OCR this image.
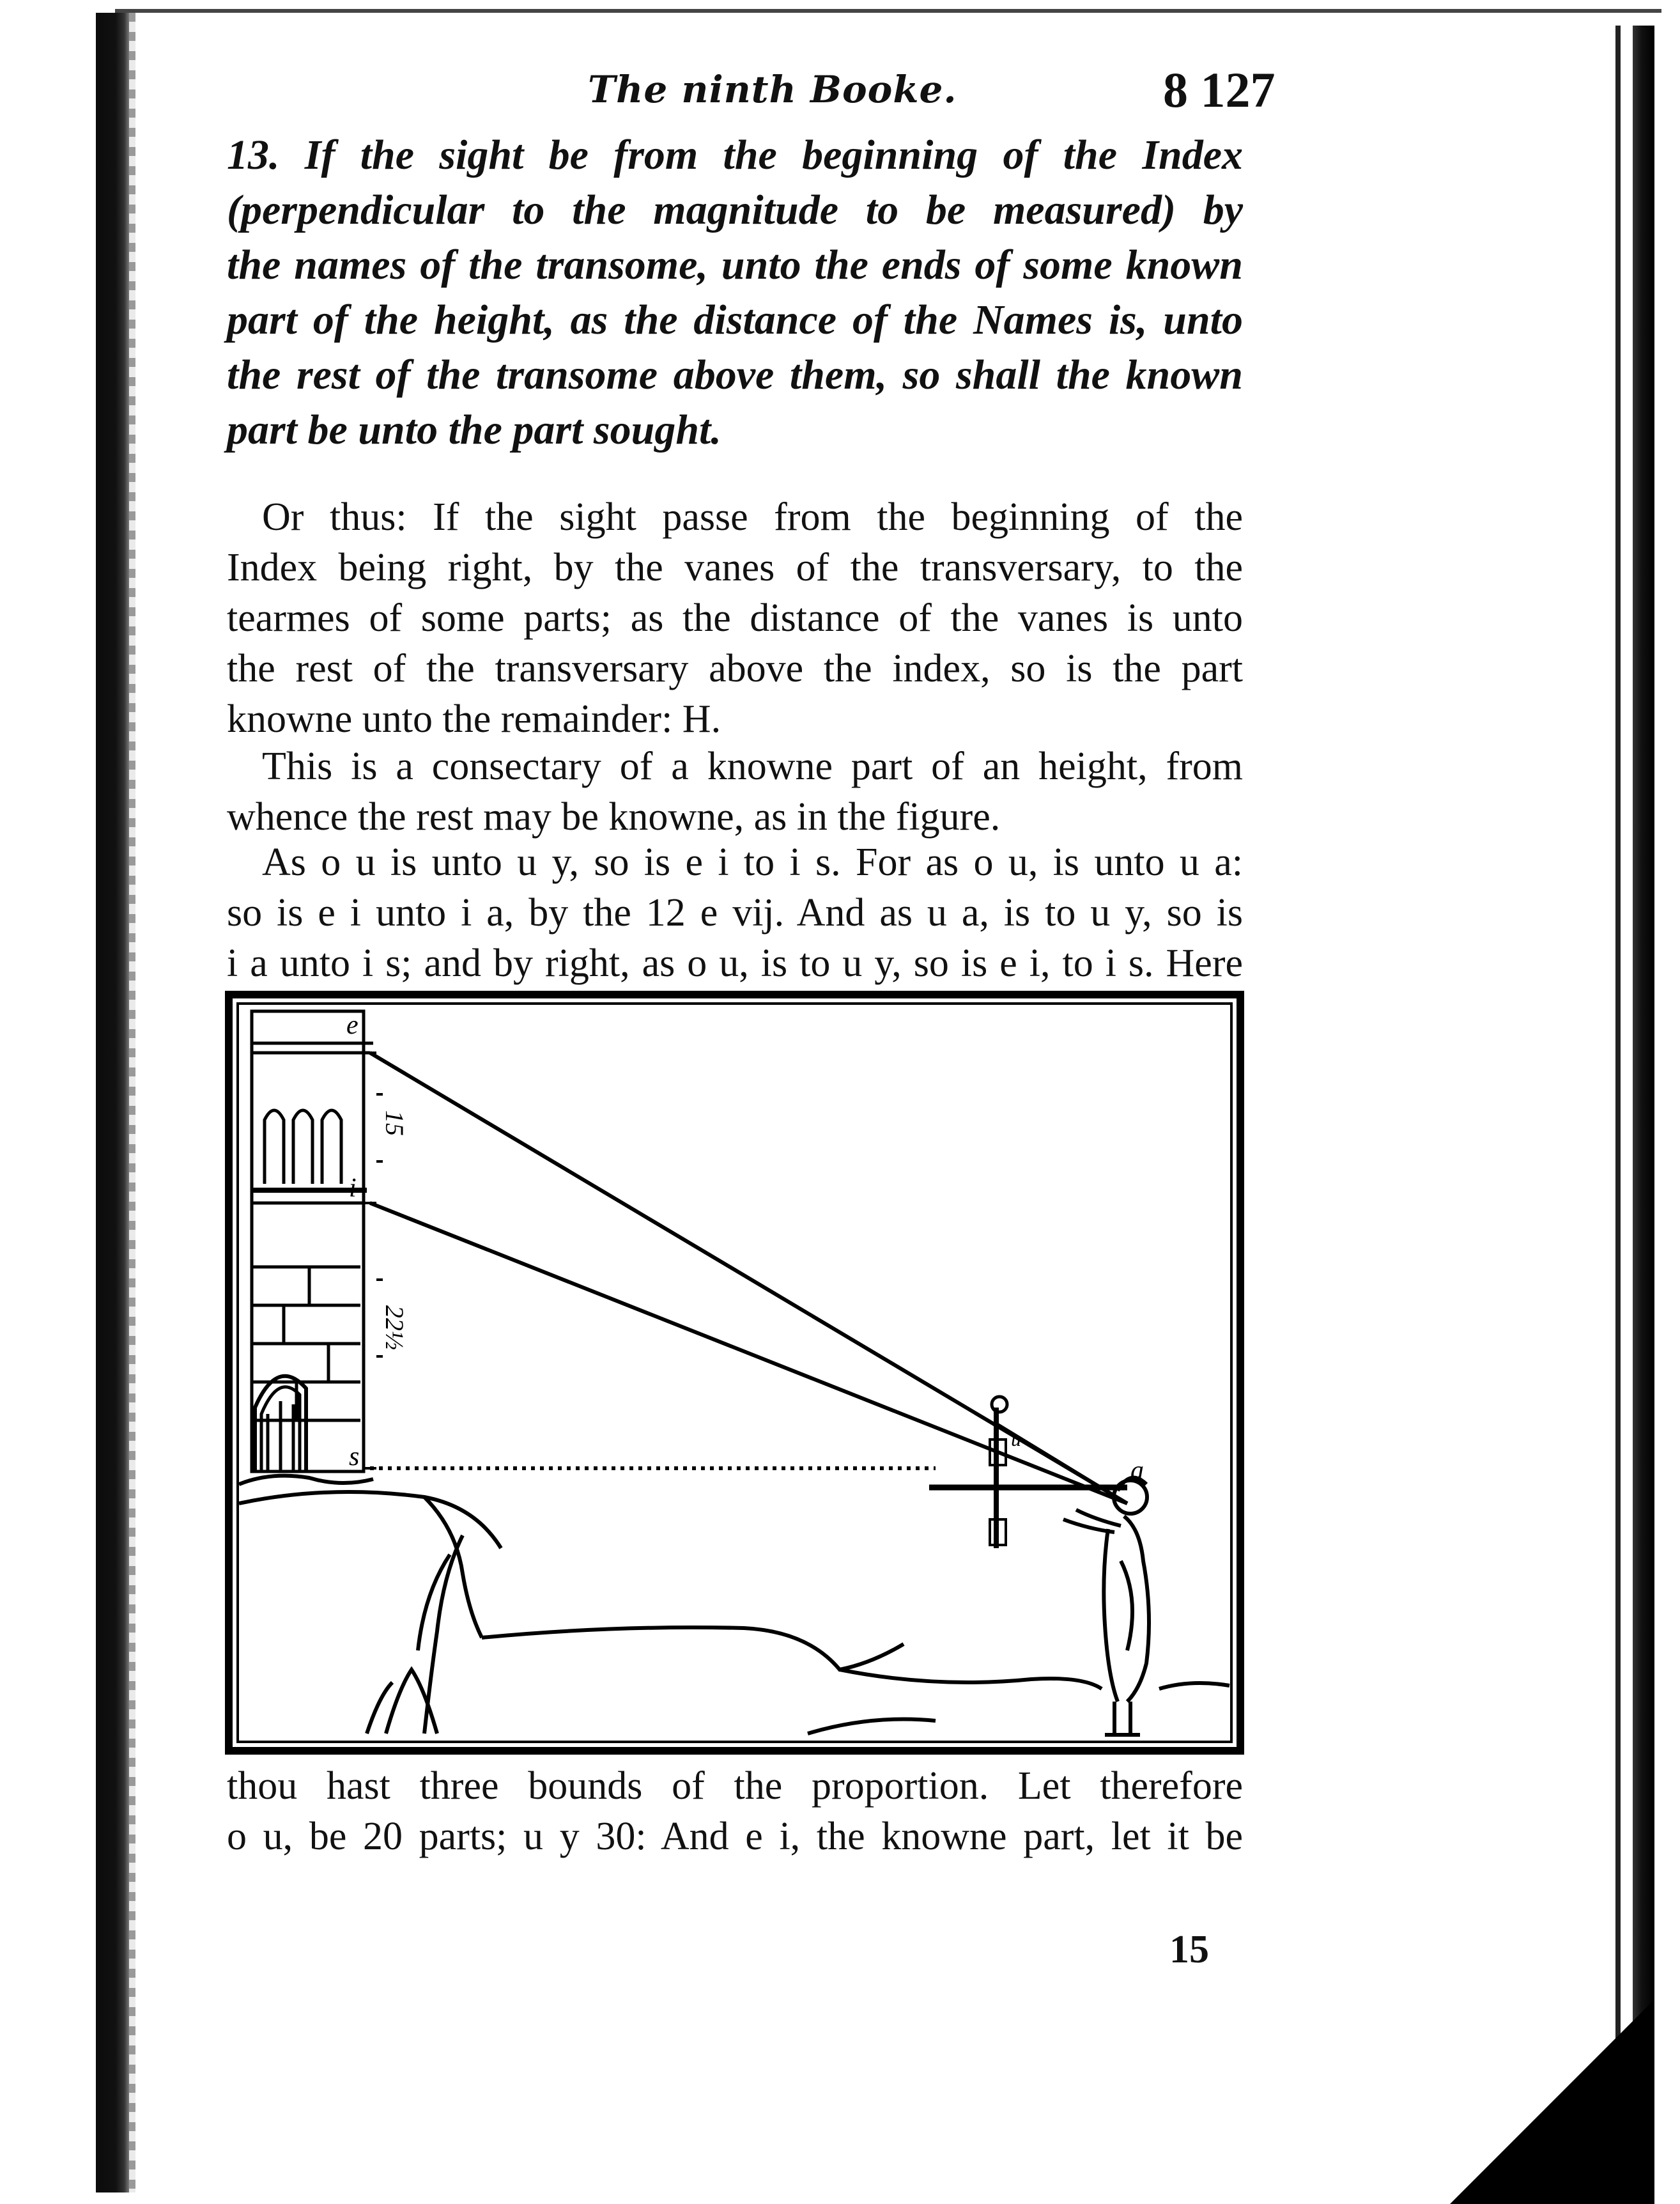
The ninth Booke.	8 127
13. If the sight be from the beginning of the Index
(perpendicular to the magnitude to be measured) by
the names of the transome, unto the ends of some known
part of the height, as the distance of the Names is, unto
the rest of the transome above them, so shall the known
part be unto the part sought.
Or thus: If the sight passe from the beginning of the
Index being right, by the vanes of the transversary, to the
tearmes of some parts; as the distance of the vanes is unto
the rest of the transversary above the index, so is the part
knowne unto the remainder: H.
This is a consectary of a knowne part of an height, from
whence the rest may be knowne, as in the figure.
As o u is unto u y, so is e i to i s. For as o u, is unto u a:
so is e i unto i a, by the 12 e vij. And as u a, is to u y, so is
i a unto i s; and by right, as o u, is to u y, so is e i, to i s. Here
e
i
s	a
u
15
22½
thou hast three bounds of the proportion. Let therefore
o u, be 20 parts; u y 30: And e i, the knowne part, let it be
15
